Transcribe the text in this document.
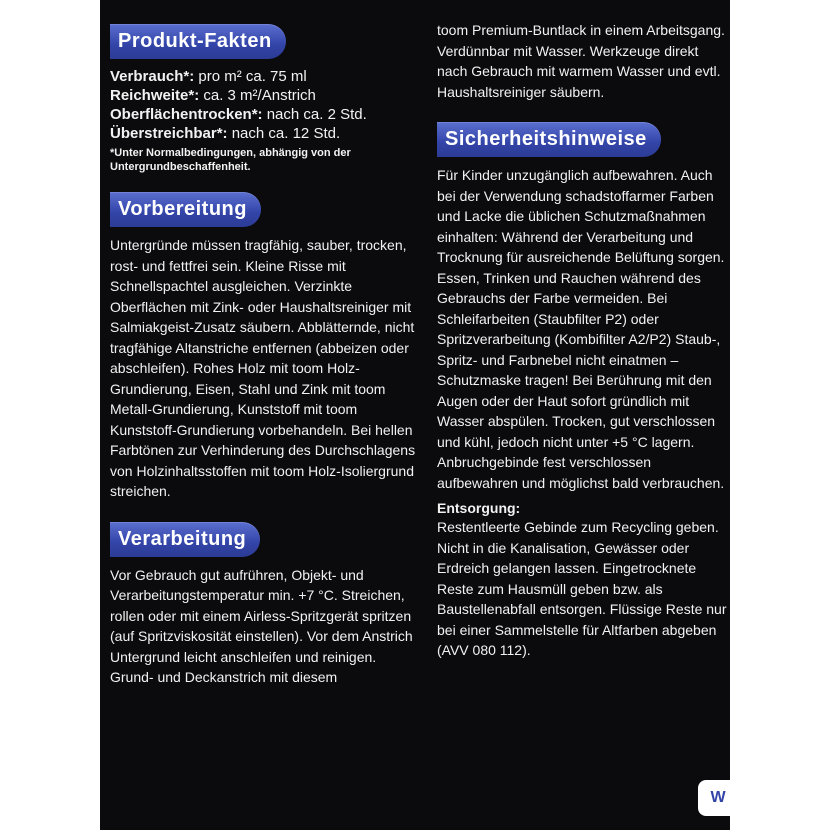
Produkt-Fakten
Verbrauch*: pro m² ca. 75 ml
Reichweite*: ca. 3 m²/Anstrich
Oberflächentrocken*: nach ca. 2 Std.
Überstreichbar*: nach ca. 12 Std.
*Unter Normalbedingungen, abhängig von der Untergrundbeschaffenheit.
Vorbereitung

Untergründe müssen tragfähig, sauber, trocken, rost- und fettfrei sein. Kleine Risse mit Schnellspachtel ausgleichen. Verzinkte Oberflächen mit Zink- oder Haushaltsreiniger mit Salmiakgeist-Zusatz säubern. Abblätternde, nicht tragfähige Altanstriche entfernen (abbeizen oder abschleifen). Rohes Holz mit toom Holz-Grundierung, Eisen, Stahl und Zink mit toom Metall-Grundierung, Kunststoff mit toom Kunststoff-Grundierung vorbehandeln. Bei hellen Farbtönen zur Verhinderung des Durchschlagens von Holzinhaltsstoffen mit toom Holz-Isoliergrund streichen.

Verarbeitung

Vor Gebrauch gut aufrühren, Objekt- und Verarbeitungstemperatur min. +7 °C. Streichen, rollen oder mit einem Airless-Spritzgerät spritzen (auf Spritzviskosität einstellen). Vor dem Anstrich Untergrund leicht anschleifen und reinigen. Grund- und Deckanstrich mit diesem

toom Premium-Buntlack in einem Arbeitsgang. Verdünnbar mit Wasser. Werkzeuge direkt nach Gebrauch mit warmem Wasser und evtl. Haushaltsreiniger säubern.

Sicherheitshinweise

Für Kinder unzugänglich aufbewahren. Auch bei der Verwendung schadstoffarmer Farben und Lacke die üblichen Schutzmaßnahmen einhalten: Während der Verarbeitung und Trocknung für ausreichende Belüftung sorgen. Essen, Trinken und Rauchen während des Gebrauchs der Farbe vermeiden. Bei Schleifarbeiten (Staubfilter P2) oder Spritzverarbeitung (Kombifilter A2/P2) Staub-, Spritz- und Farbnebel nicht einatmen – Schutzmaske tragen! Bei Berührung mit den Augen oder der Haut sofort gründlich mit Wasser abspülen. Trocken, gut verschlossen und kühl, jedoch nicht unter +5 °C lagern. Anbruchgebinde fest verschlossen aufbewahren und möglichst bald verbrauchen.

Entsorgung:

Restentleerte Gebinde zum Recycling geben. Nicht in die Kanalisation, Gewässer oder Erdreich gelangen lassen. Eingetrocknete Reste zum Hausmüll geben bzw. als Baustellenabfall entsorgen. Flüssige Reste nur bei einer Sammelstelle für Altfarben abgeben (AVV 080 112).

W
